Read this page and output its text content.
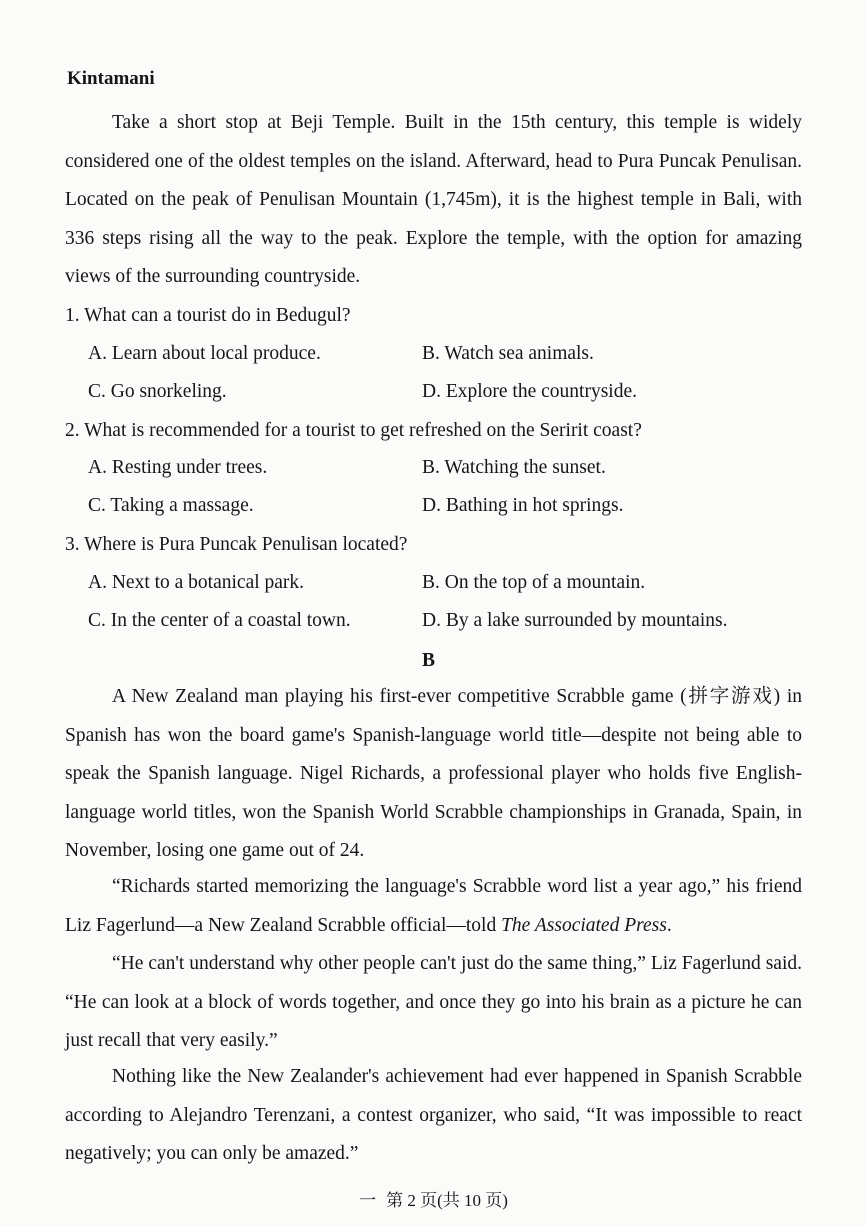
Kintamani

Take a short stop at Beji Temple. Built in the 15th century, this temple is widely considered one of the oldest temples on the island. Afterward, head to Pura Puncak Penulisan. Located on the peak of Penulisan Mountain (1,745m), it is the highest temple in Bali, with 336 steps rising all the way to the peak. Explore the temple, with the option for amazing views of the surrounding countryside.

1. What can a tourist do in Bedugul?

A. Learn about local produce.	B. Watch sea animals.

C. Go snorkeling.	D. Explore the countryside.

2. What is recommended for a tourist to get refreshed on the Seririt coast?

A. Resting under trees.	B. Watching the sunset.

C. Taking a massage.	D. Bathing in hot springs.

3. Where is Pura Puncak Penulisan located?

A. Next to a botanical park.	B. On the top of a mountain.

C. In the center of a coastal town.	D. By a lake surrounded by mountains.

B

A New Zealand man playing his first-ever competitive Scrabble game (拼字游戏) in Spanish has won the board game's Spanish-language world title—despite not being able to speak the Spanish language. Nigel Richards, a professional player who holds five English-language world titles, won the Spanish World Scrabble championships in Granada, Spain, in November, losing one game out of 24.

“Richards started memorizing the language's Scrabble word list a year ago,” his friend Liz Fagerlund—a New Zealand Scrabble official—told The Associated Press.

“He can't understand why other people can't just do the same thing,” Liz Fagerlund said. “He can look at a block of words together, and once they go into his brain as a picture he can just recall that very easily.”

Nothing like the New Zealander's achievement had ever happened in Spanish Scrabble according to Alejandro Terenzani, a contest organizer, who said, “It was impossible to react negatively; you can only be amazed.”

一 第 2 页(共 10 页)
